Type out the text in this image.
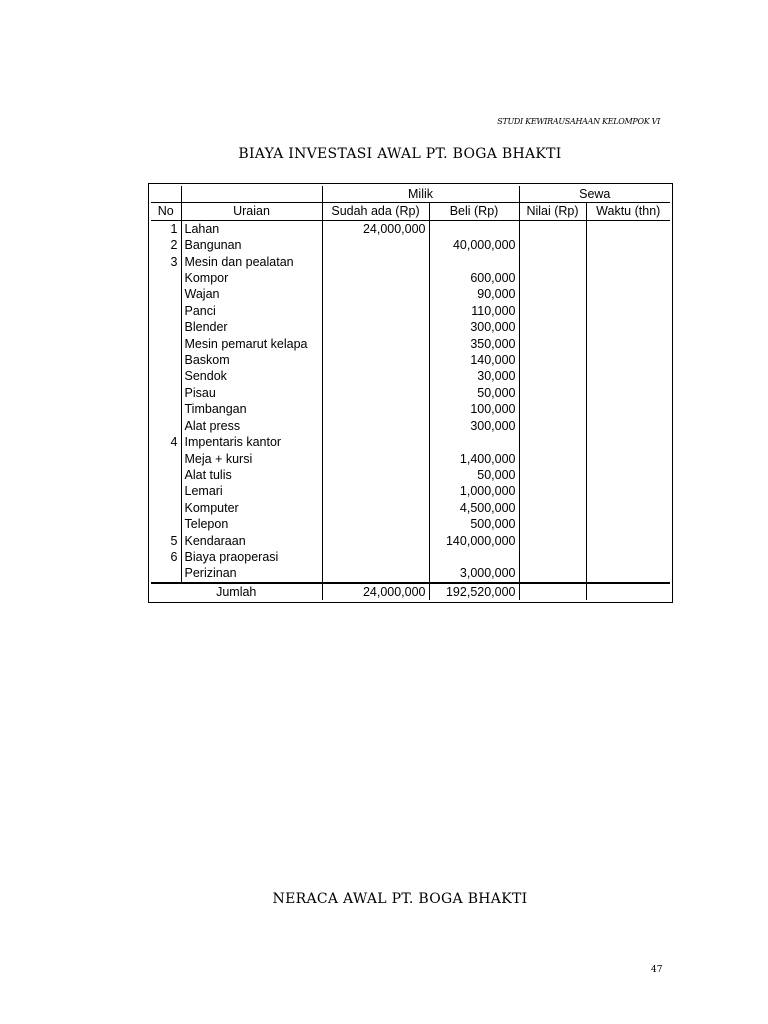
STUDI KEWIRAUSAHAAN KELOMPOK VI
BIAYA INVESTASI AWAL PT. BOGA BHAKTI
		Milik		Sewa	
No	Uraian	Sudah ada (Rp)	Beli (Rp)	Nilai (Rp)	Waktu (thn)
1	Lahan	24,000,000			
2	Bangunan		40,000,000		
3	Mesin dan pealatan				
	Kompor		600,000		
	Wajan		90,000		
	Panci		110,000		
	Blender		300,000		
	Mesin pemarut kelapa		350,000		
	Baskom		140,000		
	Sendok		30,000		
	Pisau		50,000		
	Timbangan		100,000		
	Alat press		300,000		
4	Impentaris kantor				
	Meja + kursi		1,400,000		
	Alat tulis		50,000		
	Lemari		1,000,000		
	Komputer		4,500,000		
	Telepon		500,000		
5	Kendaraan		140,000,000		
6	Biaya praoperasi				
	Perizinan		3,000,000		
Jumlah		24,000,000	192,520,000		
NERACA AWAL PT. BOGA BHAKTI
47
